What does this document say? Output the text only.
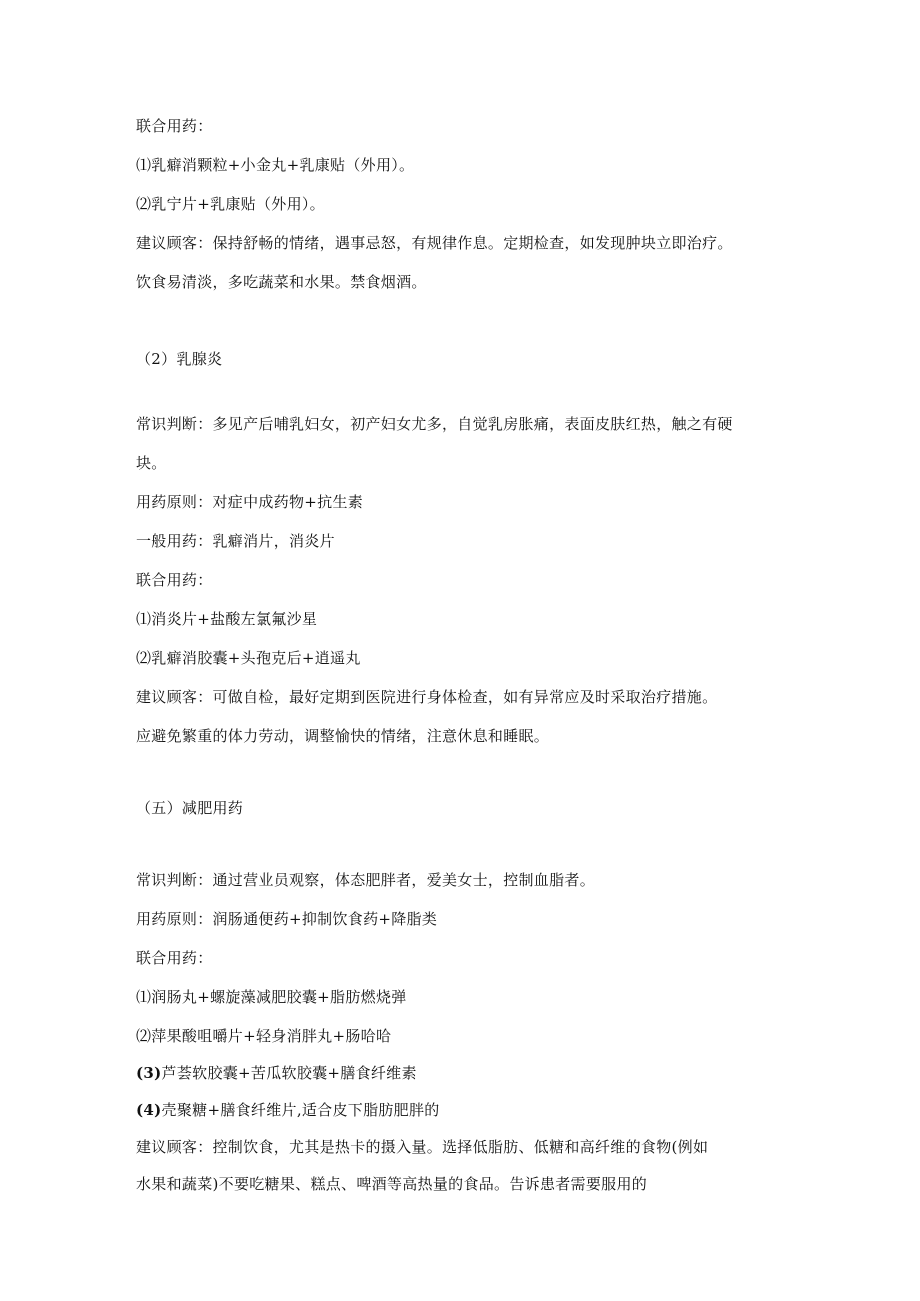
联合用药：
⑴乳癖消颗粒+小金丸+乳康贴（外用）。
⑵乳宁片+乳康贴（外用）。
建议顾客：保持舒畅的情绪，遇事忌怒，有规律作息。定期检查，如发现肿块立即治疗。
饮食易清淡，多吃蔬菜和水果。禁食烟酒。
（2）乳腺炎
常识判断：多见产后哺乳妇女，初产妇女尤多，自觉乳房胀痛，表面皮肤红热，触之有硬
块。
用药原则：对症中成药物+抗生素
一般用药：乳癖消片，消炎片
联合用药：
⑴消炎片+盐酸左氯氟沙星
⑵乳癖消胶囊+头孢克后+逍遥丸
建议顾客：可做自检，最好定期到医院进行身体检查，如有异常应及时采取治疗措施。
应避免繁重的体力劳动，调整愉快的情绪，注意休息和睡眠。
（五）减肥用药
常识判断：通过营业员观察，体态肥胖者，爱美女士，控制血脂者。
用药原则：润肠通便药+抑制饮食药+降脂类
联合用药：
⑴润肠丸+螺旋藻减肥胶囊+脂肪燃烧弹
⑵萍果酸咀嚼片+轻身消胖丸+肠哈哈
(3)芦荟软胶囊+苦瓜软胶囊+膳食纤维素
(4)壳聚糖+膳食纤维片,适合皮下脂肪肥胖的
建议顾客：控制饮食，尤其是热卡的摄入量。选择低脂肪、低糖和高纤维的食物(例如
水果和蔬菜)不要吃糖果、糕点、啤酒等高热量的食品。告诉患者需要服用的
